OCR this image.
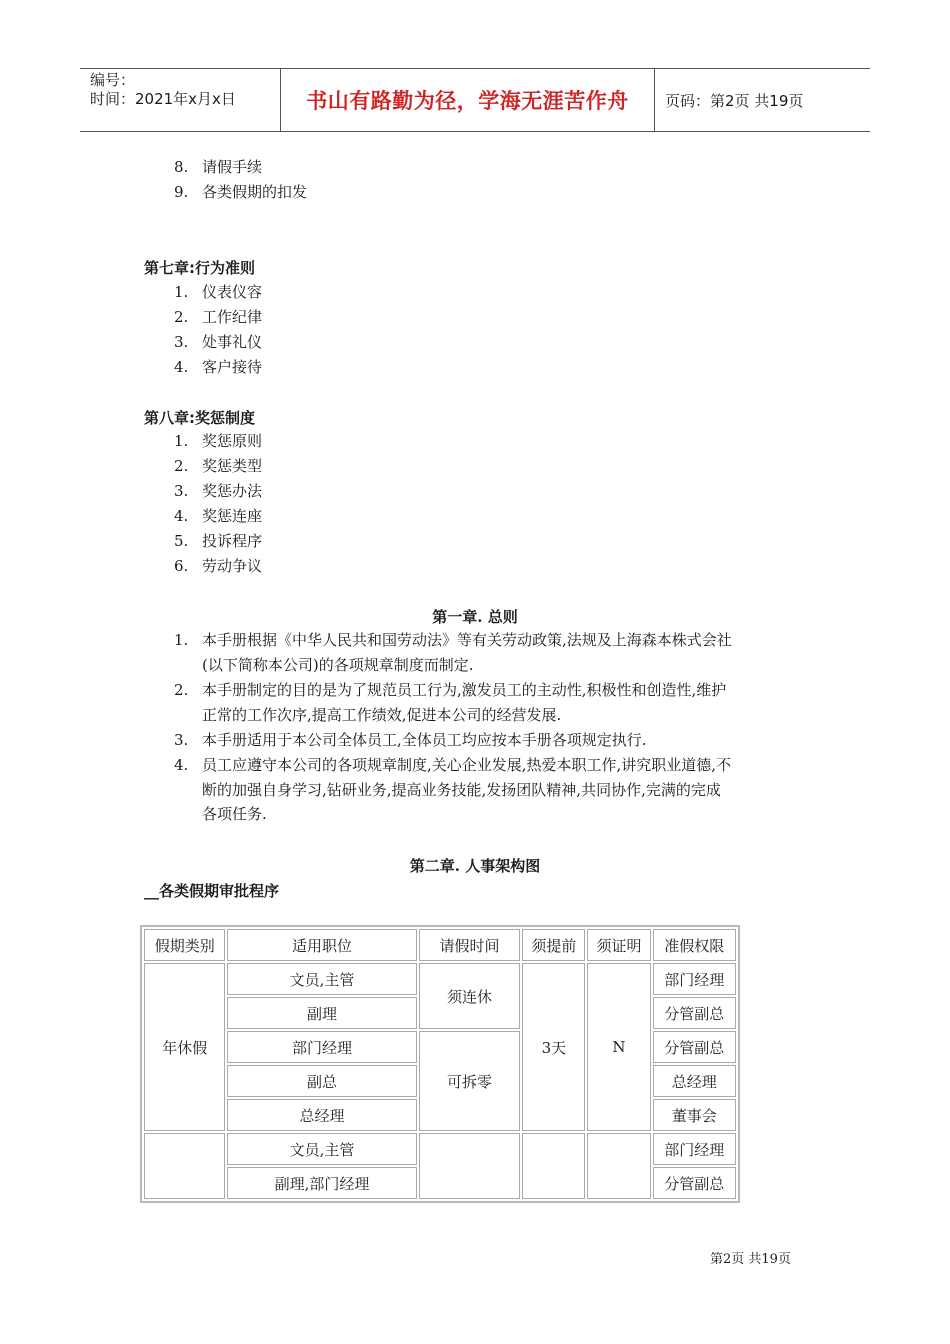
编号：
时间：2021年x月x日	书山有路勤为径，学海无涯苦作舟	页码：第2页 共19页
8. 请假手续
9. 各类假期的扣发
第七章:行为准则
1. 仪表仪容
2. 工作纪律
3. 处事礼仪
4. 客户接待
第八章:奖惩制度
1. 奖惩原则
2. 奖惩类型
3. 奖惩办法
4. 奖惩连座
5. 投诉程序
6. 劳动争议
第一章. 总则
1. 本手册根据《中华人民共和国劳动法》等有关劳动政策,法规及上海森本株式会社
(以下简称本公司)的各项规章制度而制定.
2. 本手册制定的目的是为了规范员工行为,激发员工的主动性,积极性和创造性,维护
正常的工作次序,提高工作绩效,促进本公司的经营发展.
3. 本手册适用于本公司全体员工,全体员工均应按本手册各项规定执行.
4. 员工应遵守本公司的各项规章制度,关心企业发展,热爱本职工作,讲究职业道德,不
断的加强自身学习,钻研业务,提高业务技能,发扬团队精神,共同协作,完满的完成
各项任务.
第二章. 人事架构图
__各类假期审批程序
假期类别	适用职位	请假时间	须提前	须证明	准假权限
年休假	文员,主管	须连休	3天	N	部门经理
	副理				分管副总
	部门经理	可拆零			分管副总
	副总				总经理
	总经理				董事会
	文员,主管				部门经理
	副理,部门经理				分管副总
第2页 共19页
